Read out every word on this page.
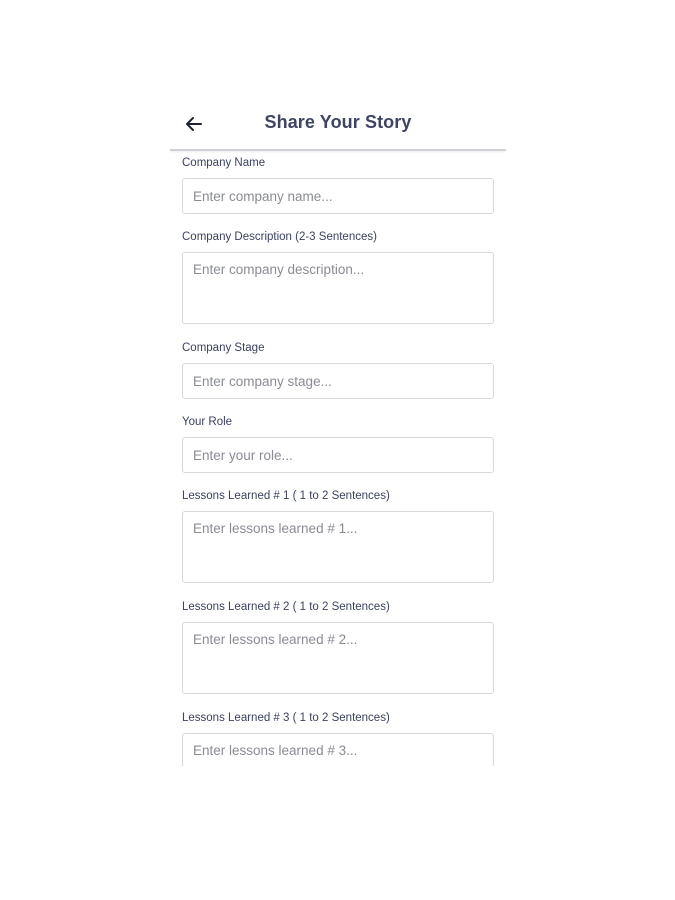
Share Your Story
Company Name
Enter company name...
Company Description (2-3 Sentences)
Enter company description...
Company Stage
Enter company stage...
Your Role
Enter your role...
Lessons Learned # 1 ( 1 to 2 Sentences)
Enter lessons learned # 1...
Lessons Learned # 2 ( 1 to 2 Sentences)
Enter lessons learned # 2...
Lessons Learned # 3 ( 1 to 2 Sentences)
Enter lessons learned # 3...
